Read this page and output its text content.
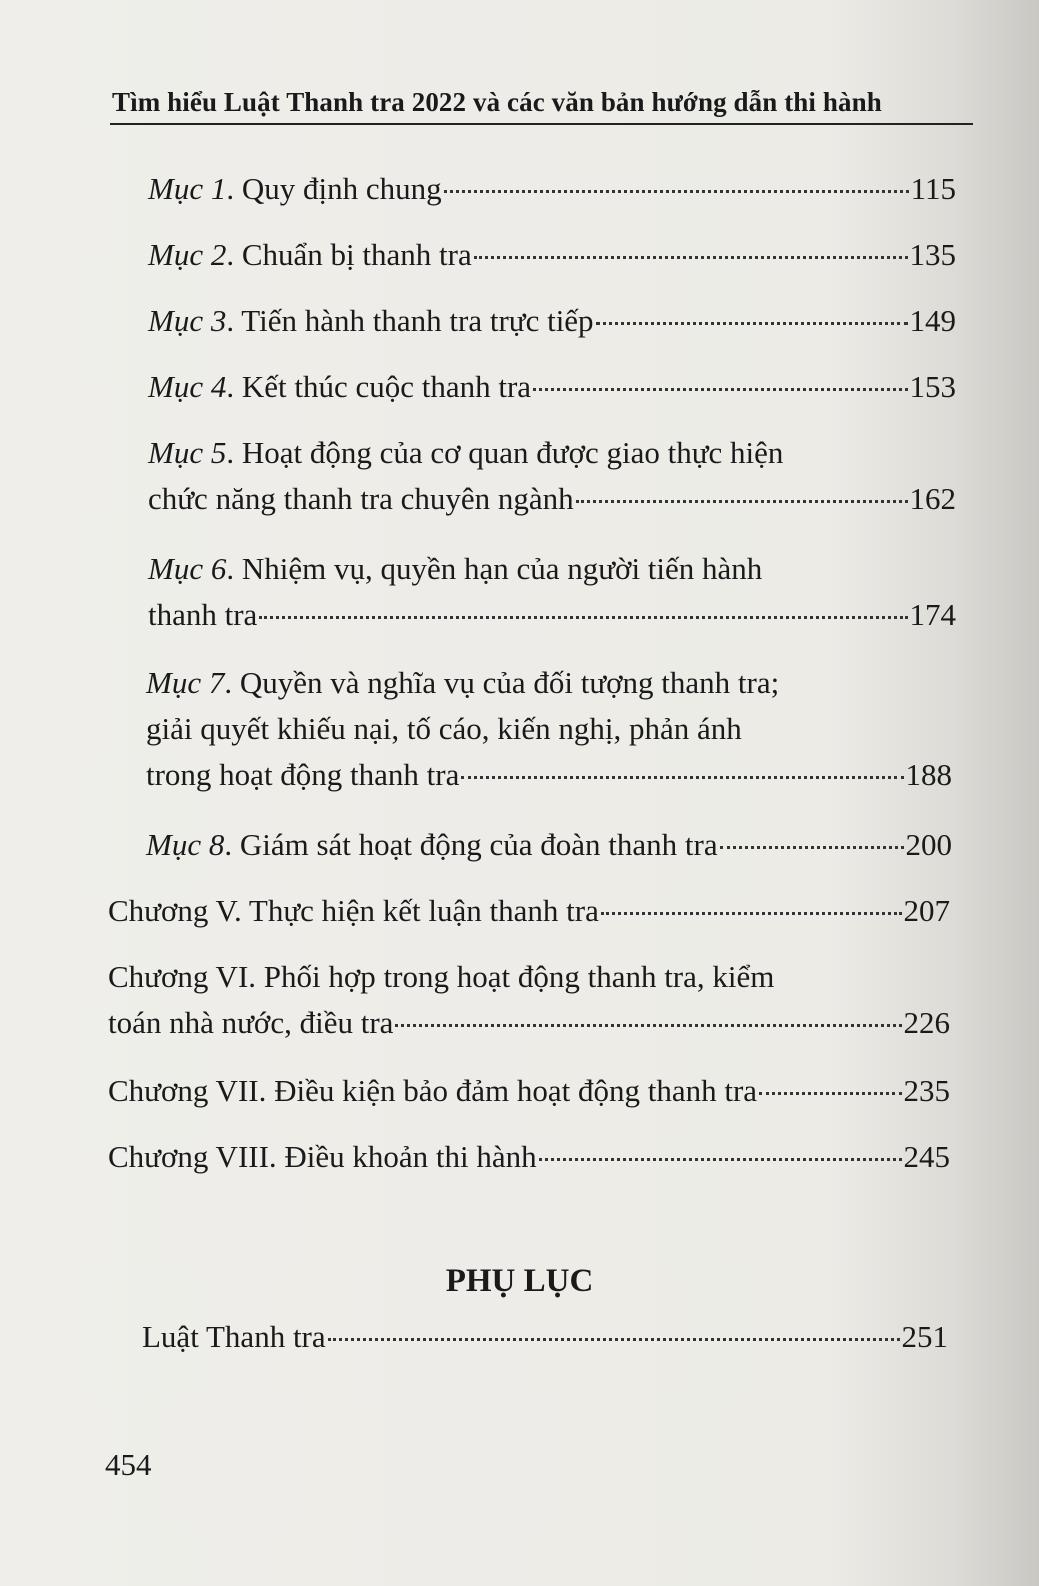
Tìm hiểu Luật Thanh tra 2022 và các văn bản hướng dẫn thi hành
Mục 1. Quy định chung	115
Mục 2. Chuẩn bị thanh tra	135
Mục 3. Tiến hành thanh tra trực tiếp	149
Mục 4. Kết thúc cuộc thanh tra	153
Mục 5. Hoạt động của cơ quan được giao thực hiện
chức năng thanh tra chuyên ngành	162
Mục 6. Nhiệm vụ, quyền hạn của người tiến hành
thanh tra	174
Mục 7. Quyền và nghĩa vụ của đối tượng thanh tra;
giải quyết khiếu nại, tố cáo, kiến nghị, phản ánh
trong hoạt động thanh tra	188
Mục 8. Giám sát hoạt động của đoàn thanh tra	200
Chương V. Thực hiện kết luận thanh tra	207
Chương VI. Phối hợp trong hoạt động thanh tra, kiểm
toán nhà nước, điều tra	226
Chương VII. Điều kiện bảo đảm hoạt động thanh tra	235
Chương VIII. Điều khoản thi hành	245
PHỤ LỤC
Luật Thanh tra	251
454
